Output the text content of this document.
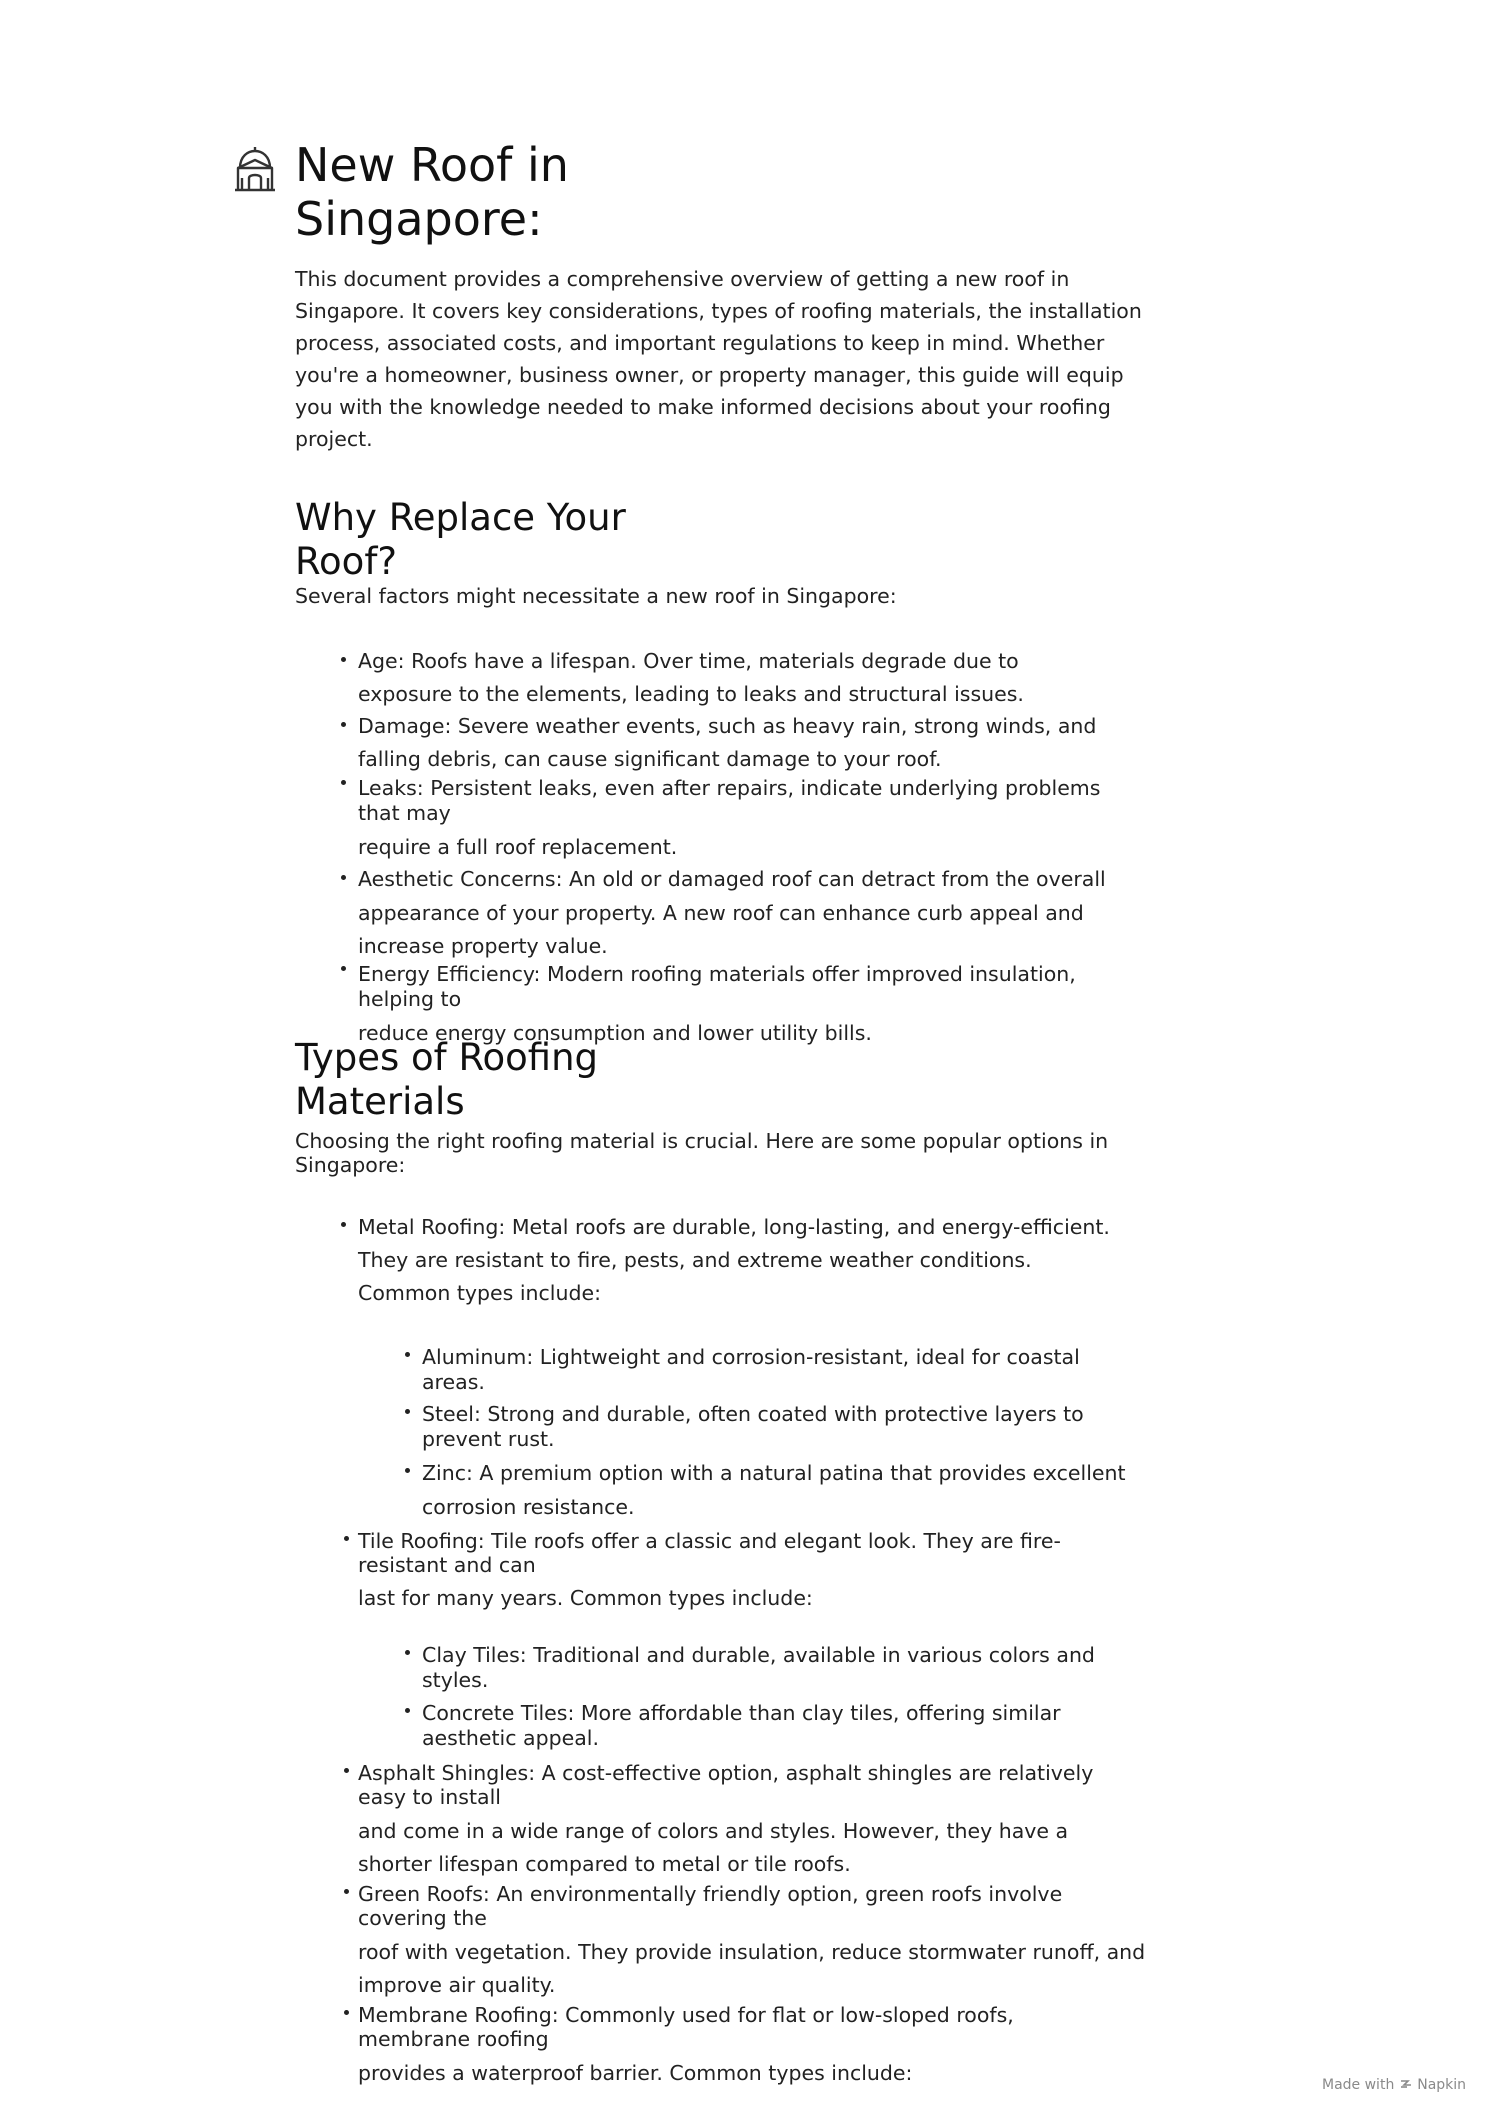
New Roof in
Singapore:

This document provides a comprehensive overview of getting a new roof in
Singapore. It covers key considerations, types of roofing materials, the installation
process, associated costs, and important regulations to keep in mind. Whether
you're a homeowner, business owner, or property manager, this guide will equip
you with the knowledge needed to make informed decisions about your roofing
project.

Why Replace Your
Roof?
Several factors might necessitate a new roof in Singapore:
Age: Roofs have a lifespan. Over time, materials degrade due to
exposure to the elements, leading to leaks and structural issues.
Damage: Severe weather events, such as heavy rain, strong winds, and
falling debris, can cause significant damage to your roof.
Leaks: Persistent leaks, even after repairs, indicate underlying problems
that may
require a full roof replacement.
Aesthetic Concerns: An old or damaged roof can detract from the overall
appearance of your property. A new roof can enhance curb appeal and
increase property value.
Energy Efficiency: Modern roofing materials offer improved insulation,
helping to
reduce energy consumption and lower utility bills.
Types of Roofing
Materials
Choosing the right roofing material is crucial. Here are some popular options in
Singapore:
Metal Roofing: Metal roofs are durable, long-lasting, and energy-efficient.
They are resistant to fire, pests, and extreme weather conditions.
Common types include:
Aluminum: Lightweight and corrosion-resistant, ideal for coastal
areas.
Steel: Strong and durable, often coated with protective layers to
prevent rust.
Zinc: A premium option with a natural patina that provides excellent
corrosion resistance.
Tile Roofing: Tile roofs offer a classic and elegant look. They are fire-
resistant and can
last for many years. Common types include:
Clay Tiles: Traditional and durable, available in various colors and
styles.
Concrete Tiles: More affordable than clay tiles, offering similar
aesthetic appeal.
Asphalt Shingles: A cost-effective option, asphalt shingles are relatively
easy to install
and come in a wide range of colors and styles. However, they have a
shorter lifespan compared to metal or tile roofs.
Green Roofs: An environmentally friendly option, green roofs involve
covering the
roof with vegetation. They provide insulation, reduce stormwater runoff, and
improve air quality.
Membrane Roofing: Commonly used for flat or low-sloped roofs,
membrane roofing
provides a waterproof barrier. Common types include:	Made with Napkin
